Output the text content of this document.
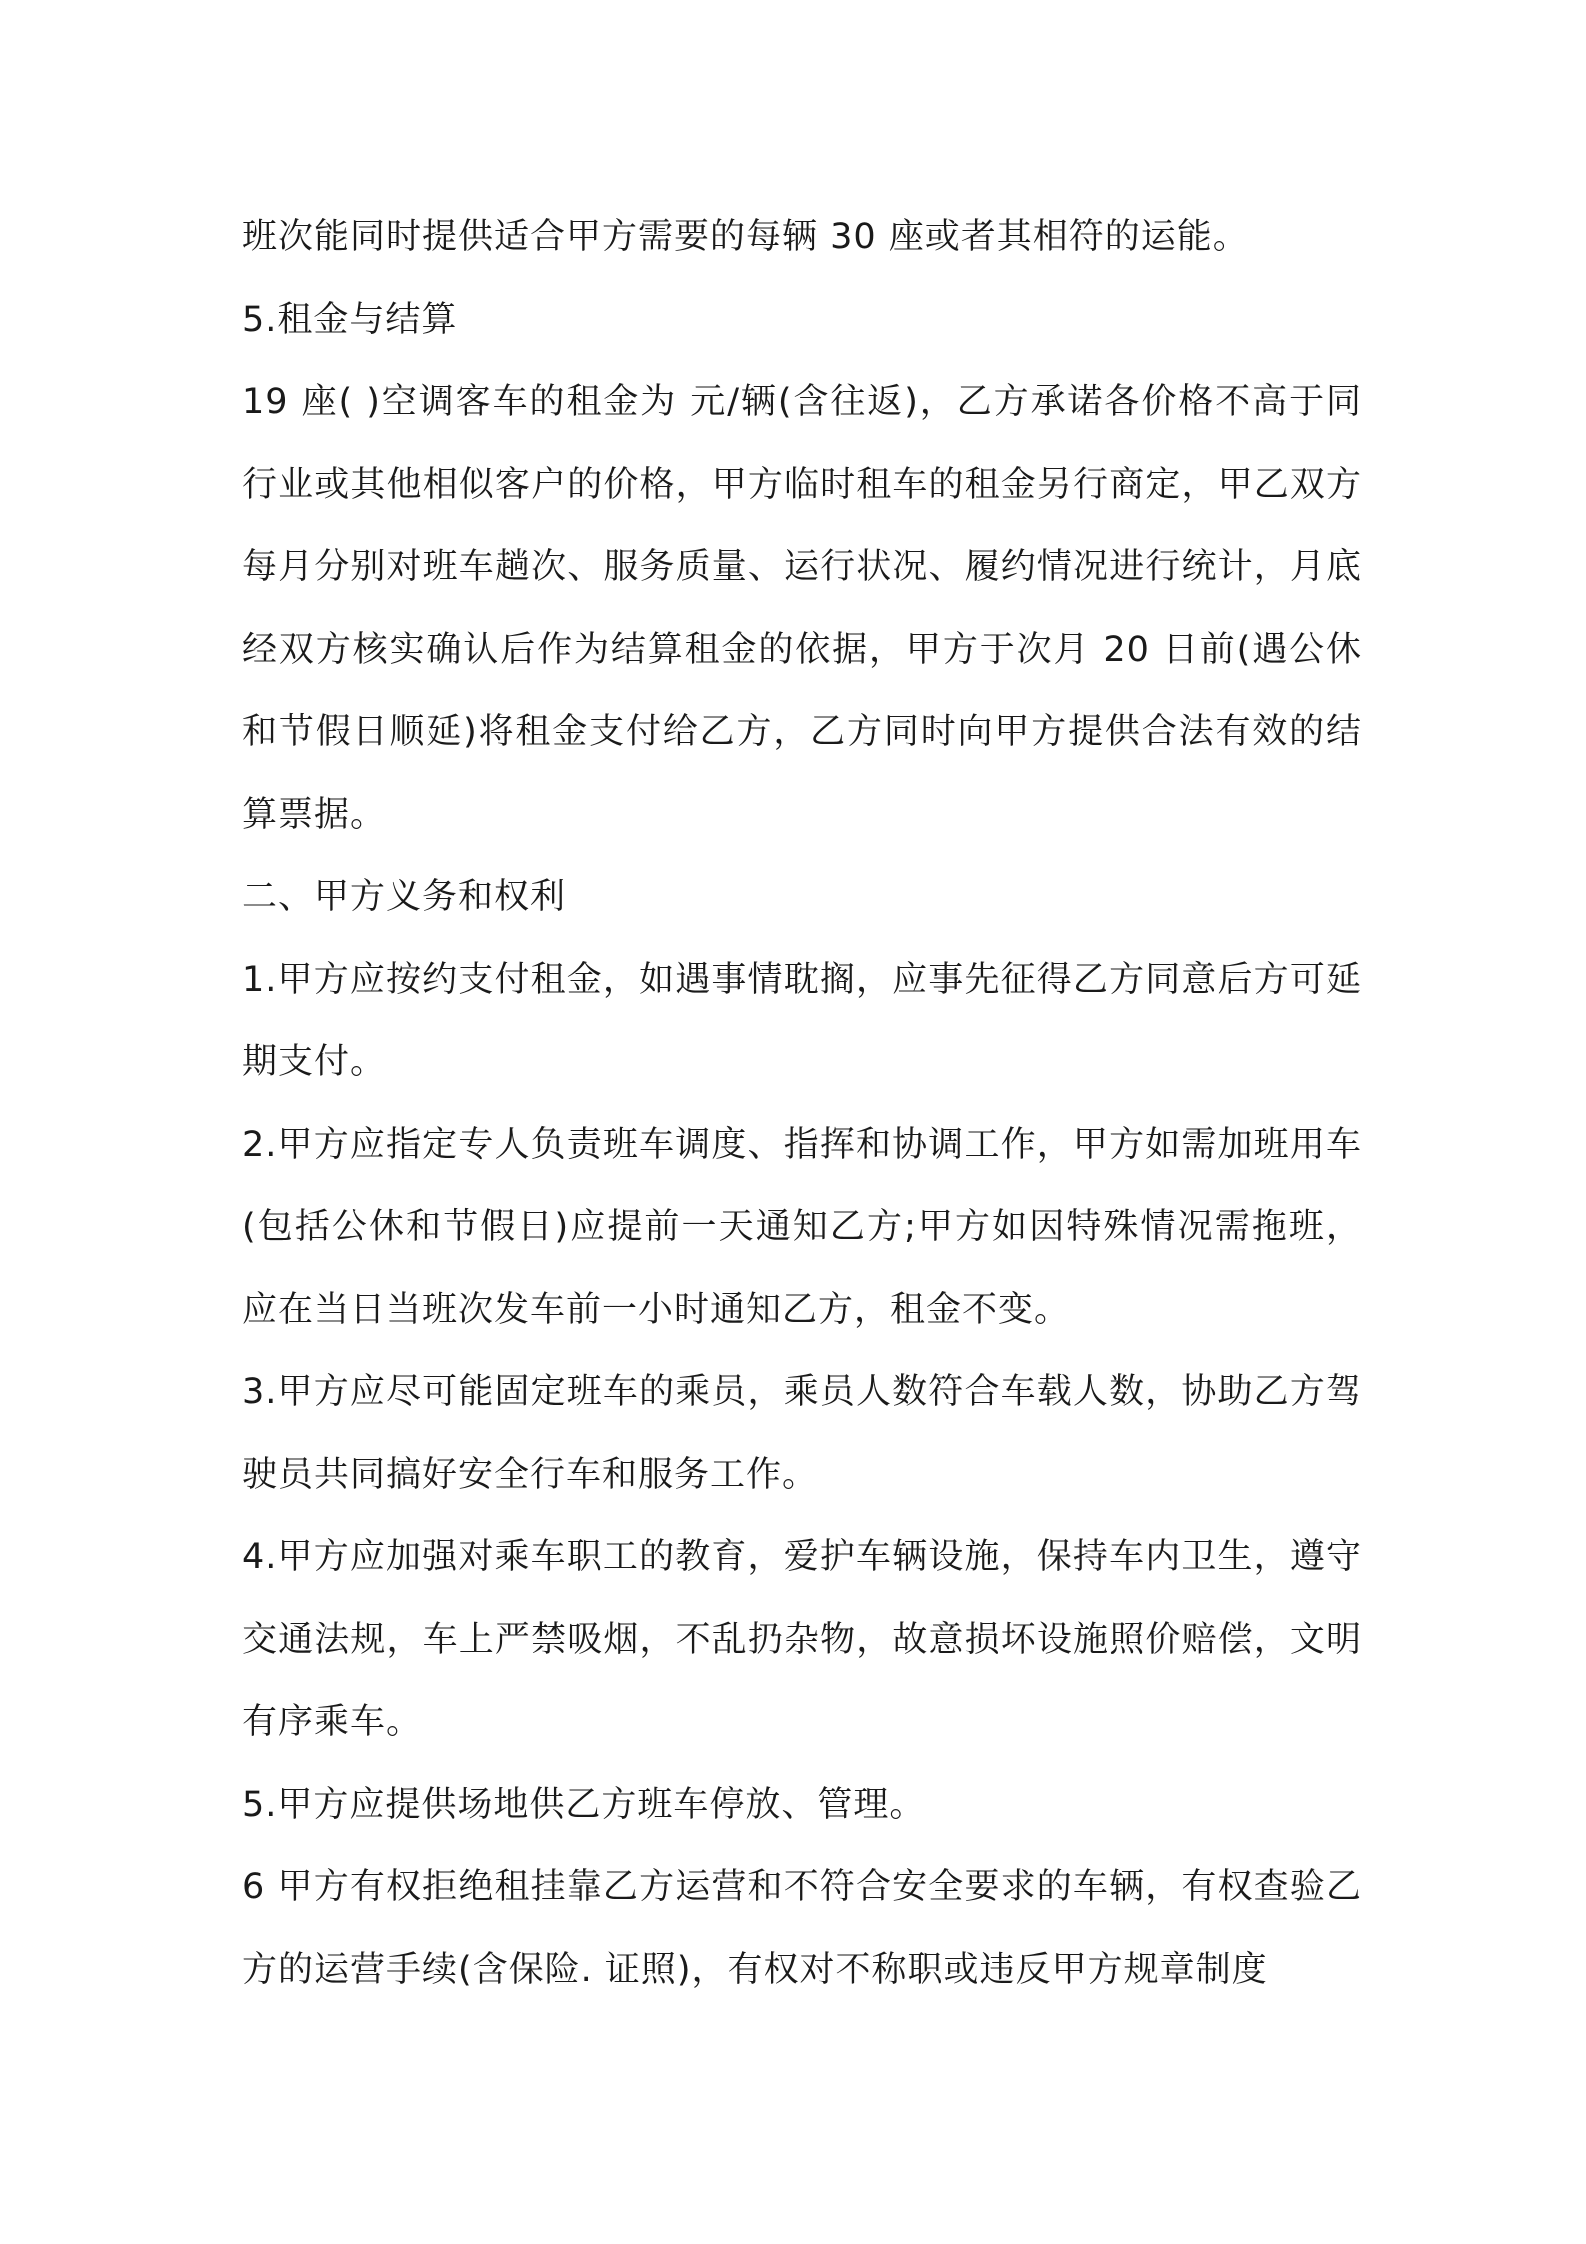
班次能同时提供适合甲方需要的每辆 30 座或者其相符的运能。

5.租金与结算

19 座( )空调客车的租金为 元/辆(含往返)，乙方承诺各价格不高于同行业或其他相似客户的价格，甲方临时租车的租金另行商定，甲乙双方每月分别对班车趟次、服务质量、运行状况、履约情况进行统计，月底经双方核实确认后作为结算租金的依据，甲方于次月 20 日前(遇公休和节假日顺延)将租金支付给乙方，乙方同时向甲方提供合法有效的结算票据。

二、甲方义务和权利

1.甲方应按约支付租金，如遇事情耽搁，应事先征得乙方同意后方可延期支付。

2.甲方应指定专人负责班车调度、指挥和协调工作，甲方如需加班用车(包括公休和节假日)应提前一天通知乙方;甲方如因特殊情况需拖班，应在当日当班次发车前一小时通知乙方，租金不变。

3.甲方应尽可能固定班车的乘员，乘员人数符合车载人数，协助乙方驾驶员共同搞好安全行车和服务工作。

4.甲方应加强对乘车职工的教育，爱护车辆设施，保持车内卫生，遵守交通法规，车上严禁吸烟，不乱扔杂物，故意损坏设施照价赔偿，文明有序乘车。

5.甲方应提供场地供乙方班车停放、管理。

6 甲方有权拒绝租挂靠乙方运营和不符合安全要求的车辆，有权查验乙方的运营手续(含保险. 证照)，有权对不称职或违反甲方规章制度
